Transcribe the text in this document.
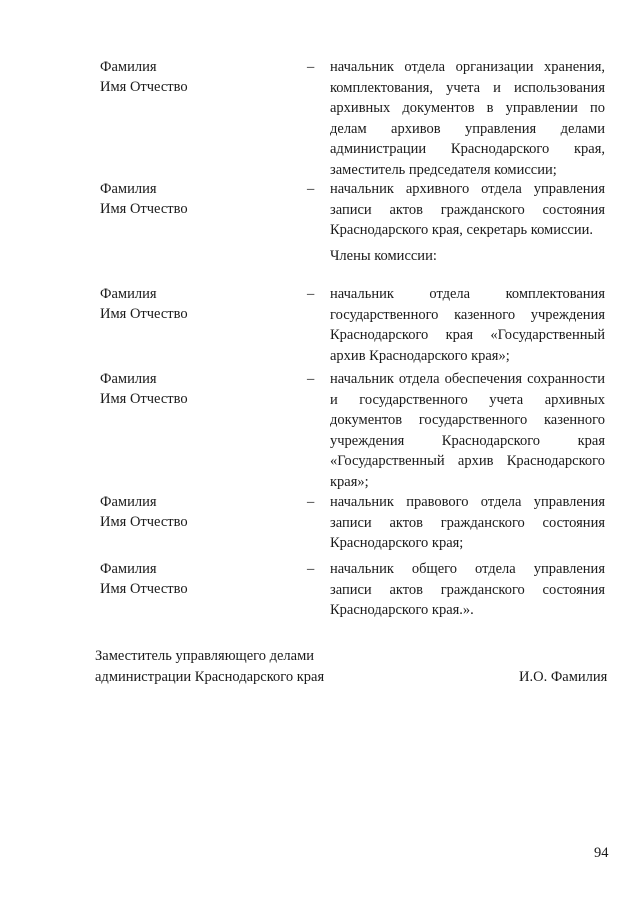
Фамилия
Имя Отчество
– начальник отдела организации хранения, комплектования, учета и использования архивных документов в управлении по делам архивов управления делами администрации Краснодарского края, заместитель председателя комиссии;
Фамилия
Имя Отчество
– начальник архивного отдела управления записи актов гражданского состояния Краснодарского края, секретарь комиссии.
Члены комиссии:
Фамилия
Имя Отчество
– начальник отдела комплектования государственного казенного учреждения Краснодарского края «Государственный архив Краснодарского края»;
Фамилия
Имя Отчество
– начальник отдела обеспечения сохранности и государственного учета архивных документов государственного казенного учреждения Краснодарского края «Государственный архив Краснодарского края»;
Фамилия
Имя Отчество
– начальник правового отдела управления записи актов гражданского состояния Краснодарского края;
Фамилия
Имя Отчество
– начальник общего отдела управления записи актов гражданского состояния Краснодарского края.».
Заместитель управляющего делами
администрации Краснодарского края	И.О. Фамилия
94
